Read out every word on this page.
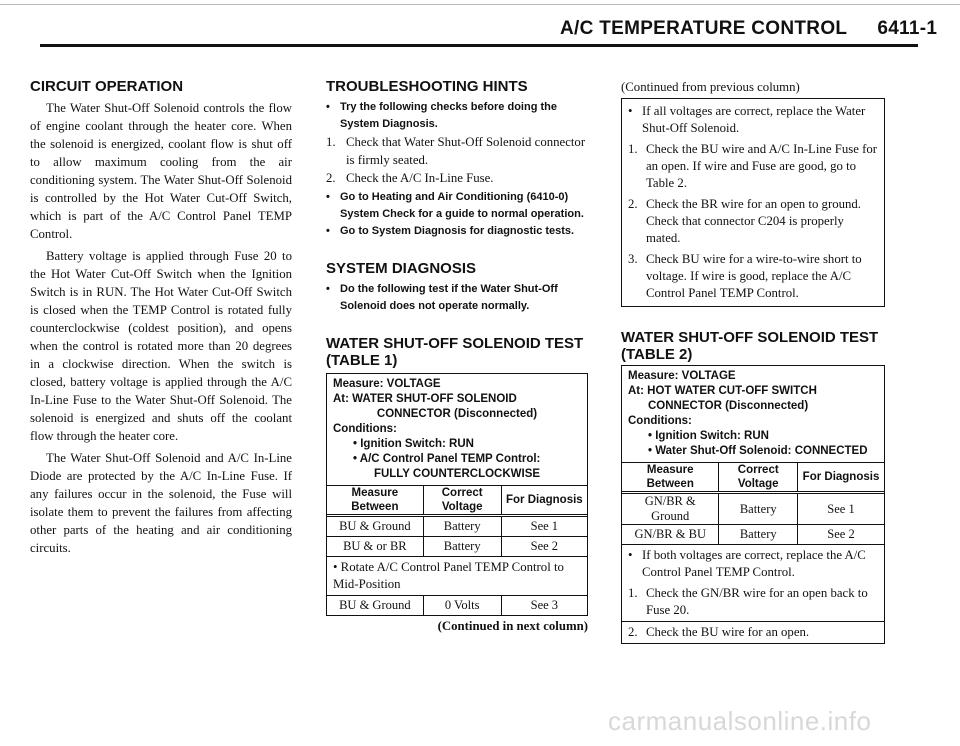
A/C TEMPERATURE CONTROL 6411-1
CIRCUIT OPERATION

The Water Shut-Off Solenoid controls the flow of engine coolant through the heater core. When the solenoid is energized, coolant flow is shut off to allow maximum cooling from the air conditioning system. The Water Shut-Off Solenoid is controlled by the Hot Water Cut-Off Switch, which is part of the A/C Control Panel TEMP Control.

Battery voltage is applied through Fuse 20 to the Hot Water Cut-Off Switch when the Ignition Switch is in RUN. The Hot Water Cut-Off Switch is closed when the TEMP Control is rotated fully counterclockwise (coldest position), and opens when the control is rotated more than 20 degrees in a clockwise direction. When the switch is closed, battery voltage is applied through the A/C In-Line Fuse to the Water Shut-Off Solenoid. The solenoid is energized and shuts off the coolant flow through the heater core.

The Water Shut-Off Solenoid and A/C In-Line Diode are protected by the A/C In-Line Fuse. If any failures occur in the solenoid, the Fuse will isolate them to prevent the failures from affecting other parts of the heating and air conditioning circuits.

TROUBLESHOOTING HINTS
• Try the following checks before doing the System Diagnosis.
1. Check that Water Shut-Off Solenoid connector is firmly seated.
2. Check the A/C In-Line Fuse.
• Go to Heating and Air Conditioning (6410-0) System Check for a guide to normal operation.
• Go to System Diagnosis for diagnostic tests.
SYSTEM DIAGNOSIS
• Do the following test if the Water Shut-Off Solenoid does not operate normally.
WATER SHUT-OFF SOLENOID TEST
(TABLE 1)
Measure: VOLTAGE
At: WATER SHUT-OFF SOLENOID
CONNECTOR (Disconnected)
Conditions:
• Ignition Switch: RUN
• A/C Control Panel TEMP Control:
FULLY COUNTERCLOCKWISE
Measure Between	Correct Voltage	For Diagnosis
BU & Ground	Battery	See 1
BU & or BR	Battery	See 2
• Rotate A/C Control Panel TEMP Control to Mid-Position
BU & Ground	0 Volts	See 3
(Continued in next column)
(Continued from previous column)
• If all voltages are correct, replace the Water Shut-Off Solenoid.
1. Check the BU wire and A/C In-Line Fuse for an open. If wire and Fuse are good, go to Table 2.
2. Check the BR wire for an open to ground. Check that connector C204 is properly mated.
3. Check BU wire for a wire-to-wire short to voltage. If wire is good, replace the A/C Control Panel TEMP Control.
WATER SHUT-OFF SOLENOID TEST
(TABLE 2)
Measure: VOLTAGE
At: HOT WATER CUT-OFF SWITCH
CONNECTOR (Disconnected)
Conditions:
• Ignition Switch: RUN
• Water Shut-Off Solenoid: CONNECTED
Measure Between	Correct Voltage	For Diagnosis
GN/BR & Ground	Battery	See 1
GN/BR & BU	Battery	See 2
• If both voltages are correct, replace the A/C Control Panel TEMP Control.
1. Check the GN/BR wire for an open back to Fuse 20.
2. Check the BU wire for an open.
carmanualsonline.info
